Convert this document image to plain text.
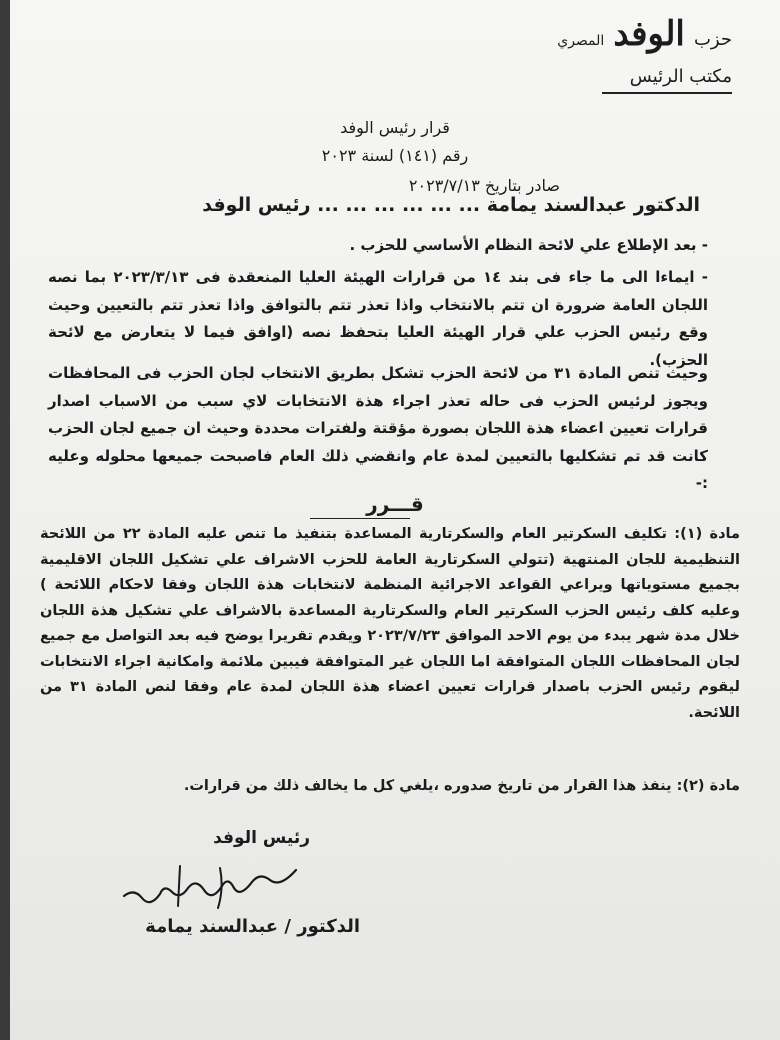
حزب الوفد المصري
مكتب الرئيس
قرار رئيس الوفد
رقم (١٤١) لسنة ٢٠٢٣
صادر بتاريخ ٢٠٢٣/٧/١٣
الدكتور عبدالسند يمامة ... ... ... ... ... ... رئيس الوفد
- بعد الإطلاع علي لائحة النظام الأساسي للحزب .
- ايماءا الى ما جاء فى بند ١٤ من قرارات الهيئة العليا المنعقدة فى ٢٠٢٣/٣/١٣ بما نصه اللجان العامة ضرورة ان تتم بالانتخاب واذا تعذر تتم بالتوافق واذا تعذر تتم بالتعيين وحيث وقع رئيس الحزب علي قرار الهيئة العليا بتحفظ نصه (اوافق فيما لا يتعارض مع لائحة الحزب).
وحيث تنص المادة ٣١ من لائحة الحزب تشكل بطريق الانتخاب لجان الحزب فى المحافظات ويجوز لرئيس الحزب فى حاله تعذر اجراء هذة الانتخابات لاي سبب من الاسباب اصدار قرارات تعيين اعضاء هذة اللجان بصورة مؤقتة ولفترات محددة وحيث ان جميع لجان الحزب كانت قد تم تشكليها بالتعيين لمدة عام وانقضي ذلك العام فاصبحت جميعها محلوله وعليه :-
قـــرر
مادة (١): تكليف السكرتير العام والسكرتارية المساعدة بتنفيذ ما تنص عليه المادة ٢٢ من اللائحة التنظيمية للجان المنتهية (تتولي السكرتارية العامة للحزب الاشراف علي تشكيل اللجان الاقليمية بجميع مستوياتها ويراعي القواعد الاجرائية المنظمة لانتخابات هذة اللجان وفقا لاحكام اللائحة ) وعليه كلف رئيس الحزب السكرتير العام والسكرتارية المساعدة بالاشراف علي تشكيل هذة اللجان خلال مدة شهر يبدء من يوم الاحد الموافق ٢٠٢٣/٧/٢٣ ويقدم تقريرا يوضح فيه بعد التواصل مع جميع لجان المحافظات اللجان المتوافقة اما اللجان غير المتوافقة فيبين ملائمة وامكانية اجراء الانتخابات ليقوم رئيس الحزب باصدار قرارات تعيين اعضاء هذة اللجان لمدة عام وفقا لنص المادة ٣١ من اللائحة.
مادة (٢): ينفذ هذا القرار من تاريخ صدوره ،يلغي كل ما يخالف ذلك من قرارات.
رئيس الوفد
الدكتور / عبدالسند يمامة
